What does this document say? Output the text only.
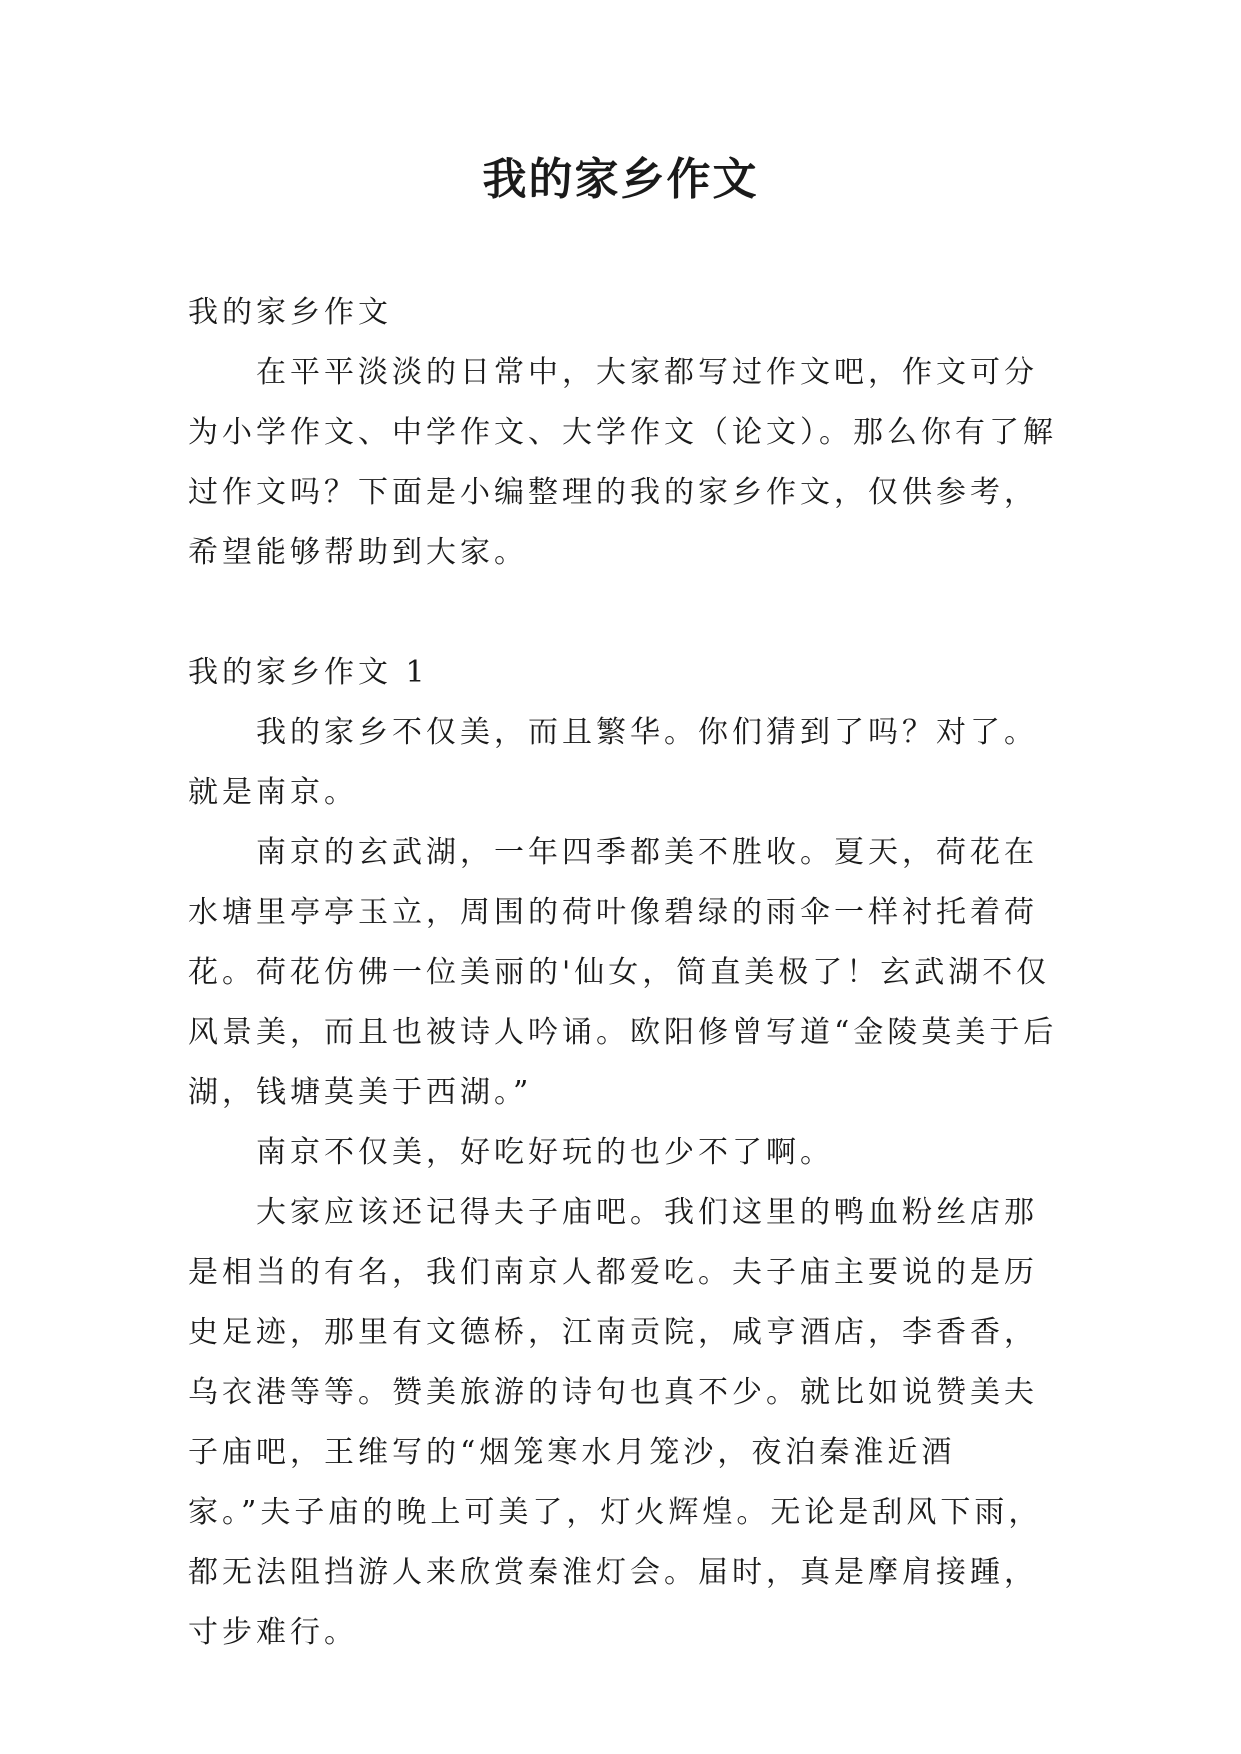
我的家乡作文

我的家乡作文

在平平淡淡的日常中，大家都写过作文吧，作文可分为小学作文、中学作文、大学作文（论文）。那么你有了解过作文吗？下面是小编整理的我的家乡作文，仅供参考，希望能够帮助到大家。

我的家乡作文 1

我的家乡不仅美，而且繁华。你们猜到了吗？对了。就是南京。

南京的玄武湖，一年四季都美不胜收。夏天，荷花在水塘里亭亭玉立，周围的荷叶像碧绿的雨伞一样衬托着荷花。荷花仿佛一位美丽的'仙女，简直美极了！玄武湖不仅风景美，而且也被诗人吟诵。欧阳修曾写道“金陵莫美于后湖，钱塘莫美于西湖。”

南京不仅美，好吃好玩的也少不了啊。

大家应该还记得夫子庙吧。我们这里的鸭血粉丝店那是相当的有名，我们南京人都爱吃。夫子庙主要说的是历史足迹，那里有文德桥，江南贡院，咸亨酒店，李香香，乌衣港等等。赞美旅游的诗句也真不少。就比如说赞美夫子庙吧，王维写的“烟笼寒水月笼沙，夜泊秦淮近酒家。”夫子庙的晚上可美了，灯火辉煌。无论是刮风下雨，都无法阻挡游人来欣赏秦淮灯会。届时，真是摩肩接踵，寸步难行。
